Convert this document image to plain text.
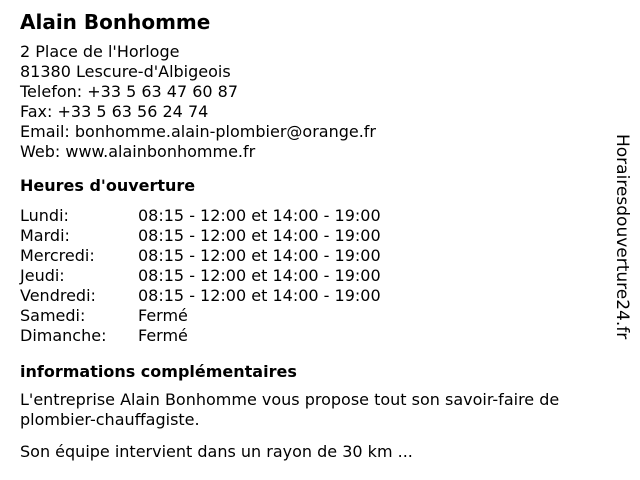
Alain Bonhomme
2 Place de l'Horloge
81380 Lescure-d'Albigeois
Telefon: +33 5 63 47 60 87
Fax: +33 5 63 56 24 74
Email: bonhomme.alain-plombier@orange.fr
Web: www.alainbonhomme.fr
Heures d'ouverture
Lundi:	08:15 - 12:00 et 14:00 - 19:00
Mardi:	08:15 - 12:00 et 14:00 - 19:00
Mercredi:	08:15 - 12:00 et 14:00 - 19:00
Jeudi:	08:15 - 12:00 et 14:00 - 19:00
Vendredi:	08:15 - 12:00 et 14:00 - 19:00
Samedi:	Fermé
Dimanche:	Fermé
informations complémentaires

L'entreprise Alain Bonhomme vous propose tout son savoir-faire de plombier-chauffagiste.

Son équipe intervient dans un rayon de 30 km ...

Horairesdouverture24.fr
